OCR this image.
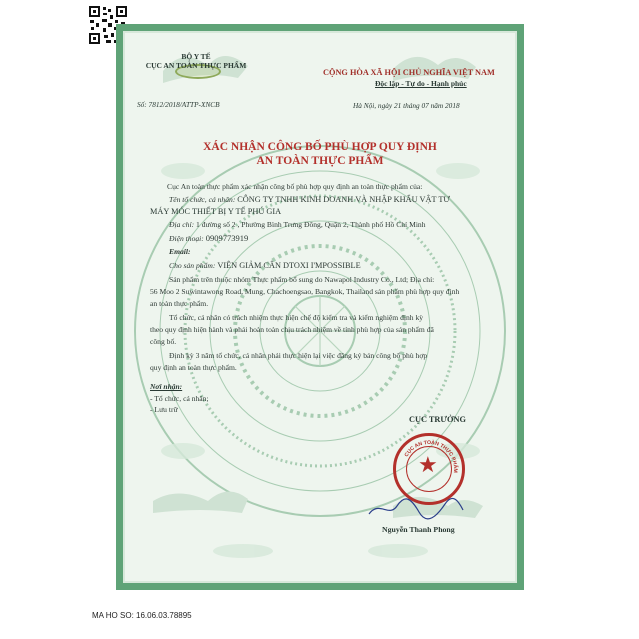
BỘ Y TẾ
CỤC AN TOÀN THỰC PHẨM
Số: 7812/2018/ATTP-XNCB
CỘNG HÒA XÃ HỘI CHỦ NGHĨA VIỆT NAM
Độc lập - Tự do - Hạnh phúc
Hà Nội, ngày 21 tháng 07 năm 2018
XÁC NHẬN CÔNG BỐ PHÙ HỢP QUY ĐỊNH
AN TOÀN THỰC PHẨM
Cục An toàn thực phẩm xác nhận công bố phù hợp quy định an toàn thực phẩm của:
Tên tổ chức, cá nhân: CÔNG TY TNHH KINH DOANH VÀ NHẬP KHẨU VẬT TƯ
MÁY MÓC THIẾT BỊ Y TẾ PHÚ GIA
Địa chỉ: 1 đường số 2 , Phường Bình Trưng Đông, Quận 2, Thành phố Hồ Chí Minh
Điện thoại: 0909773919
Email:
Cho sản phẩm: VIÊN GIẢM CÂN DTOXI I'MPOSSIBLE
Sản phẩm trên thuộc nhóm Thực phẩm bổ sung do Nawapol Industry Co., Ltd; Địa chỉ:
56 Moo 2 Suwintawong Road, Mung, Chachoengsao, Bangkok, Thailand sản phẩm phù hợp quy định
an toàn thực phẩm.
Tổ chức, cá nhân có trách nhiệm thực hiện chế độ kiểm tra và kiểm nghiệm định kỳ
theo quy định hiện hành và phải hoàn toàn chịu trách nhiệm về tính phù hợp của sản phẩm đã
công bố.
Định kỳ 3 năm tổ chức, cá nhân phải thực hiện lại việc đăng ký bản công bố phù hợp
quy định an toàn thực phẩm.
Nơi nhận:
- Tổ chức, cá nhân;
- Lưu trữ
CỤC TRƯỞNG
CỤC AN TOÀN THỰC PHẨM
★
Nguyễn Thanh Phong
MA HO SO: 16.06.03.78895
